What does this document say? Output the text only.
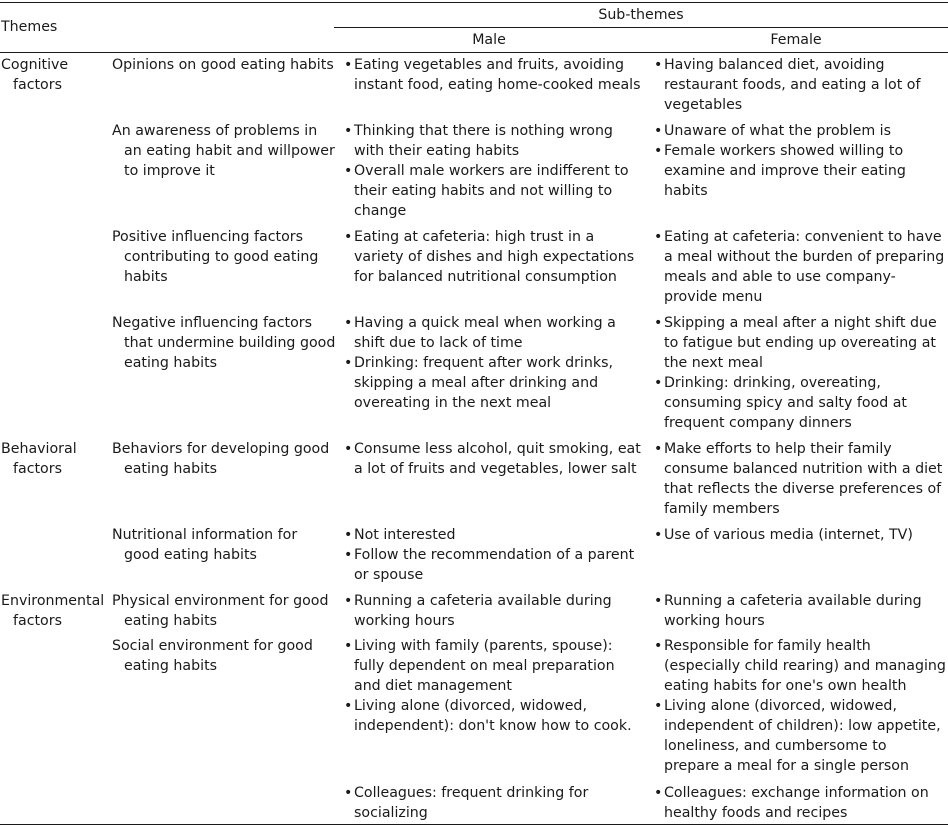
Themes
Sub-themes
Male	Female

Cognitive factors

Opinions on good eating habits

•	Eating vegetables and fruits, avoiding instant food, eating home-cooked meals
• Having balanced diet, avoiding restaurant foods, and eating a lot of vegetables

An awareness of problems in an eating habit and willpower to improve it

• Thinking that there is nothing wrong with their eating habits
• Overall male workers are indifferent to their eating habits and not willing to change
• Unaware of what the problem is
• Female workers showed willing to examine and improve their eating habits

Positive influencing factors contributing to good eating habits

• Eating at cafeteria: high trust in a variety of dishes and high expectations for balanced nutritional consumption
• Eating at cafeteria: convenient to have a meal without the burden of preparing meals and able to use company-provide menu

Negative influencing factors that undermine building good eating habits

• Having a quick meal when working a shift due to lack of time
• Drinking: frequent after work drinks, skipping a meal after drinking and overeating in the next meal
• Skipping a meal after a night shift due to fatigue but ending up overeating at the next meal
• Drinking: drinking, overeating, consuming spicy and salty food at frequent company dinners

Behavioral factors

Behaviors for developing good eating habits

• Consume less alcohol, quit smoking, eat a lot of fruits and vegetables, lower salt
• Make efforts to help their family consume balanced nutrition with a diet that reflects the diverse preferences of family members

Nutritional information for good eating habits

• Not interested
• Follow the recommendation of a parent or spouse
• Use of various media (internet, TV)

Environmental factors

Physical environment for good eating habits

• Running a cafeteria available during working hours
• Running a cafeteria available during working hours

Social environment for good eating habits

• Living with family (parents, spouse): fully dependent on meal preparation and diet management
• Living alone (divorced, widowed, independent): don't know how to cook.
• Responsible for family health (especially child rearing) and managing eating habits for one's own health
• Living alone (divorced, widowed, independent of children): low appetite, loneliness, and cumbersome to prepare a meal for a single person
• Colleagues: frequent drinking for socializing
• Colleagues: exchange information on healthy foods and recipes
